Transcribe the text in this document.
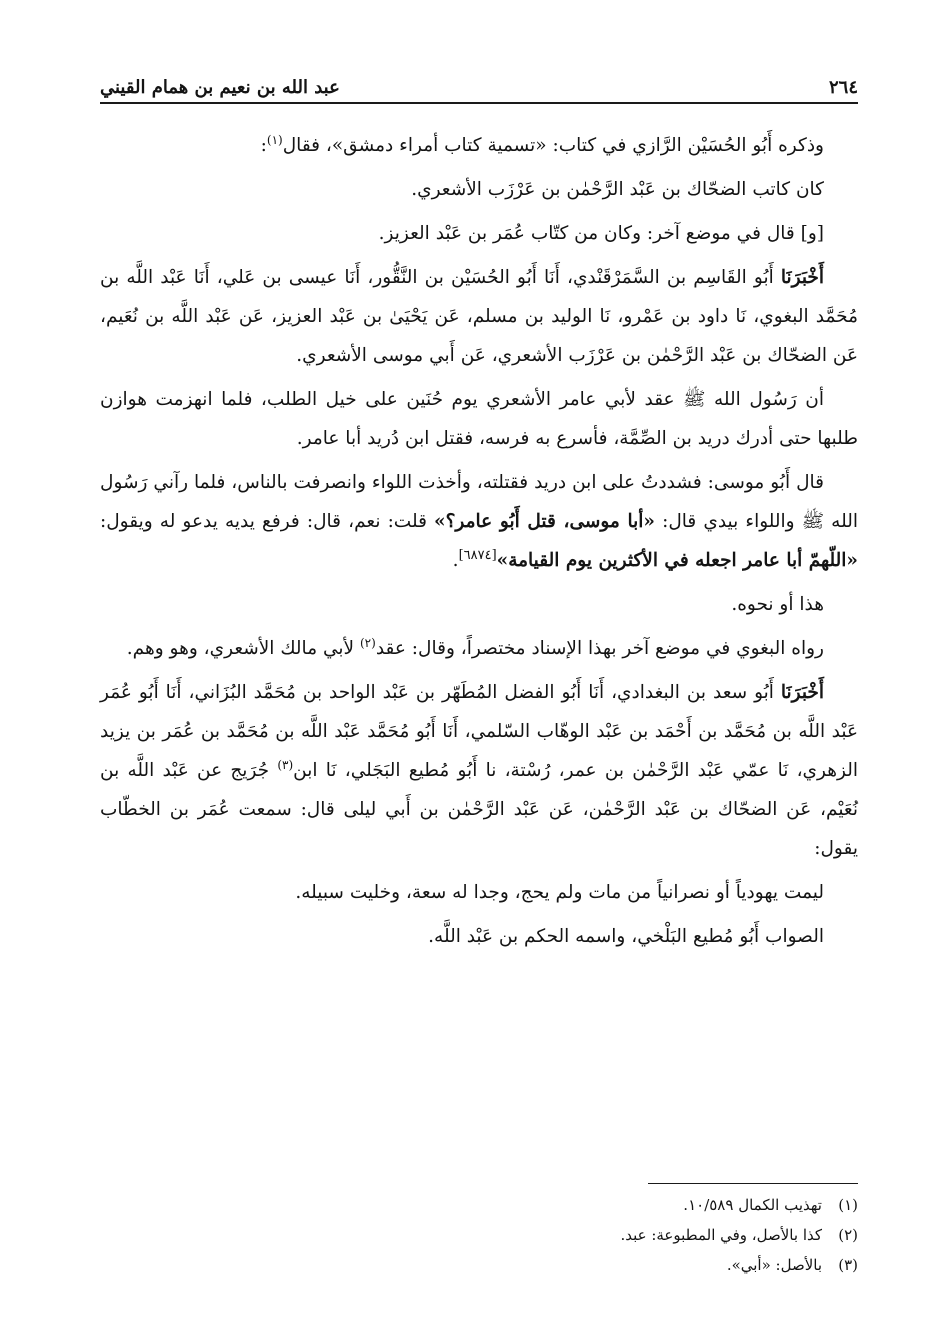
٢٦٤
عبد الله بن نعيم بن همام القيني

وذكره أَبُو الحُسَيْن الرَّازي في كتاب: «تسمية كتاب أمراء دمشق»، فقال$^{(١)}$:

كان كاتب الضحّاك بن عَبْد الرَّحْمٰن بن عَرْزَب الأشعري.

[و] قال في موضع آخر: وكان من كتّاب عُمَر بن عَبْد العزيز.

أَخْبَرَنَا أَبُو القَاسِم بن السَّمَرْقَنْدي، أَنَا أَبُو الحُسَيْن بن النَّقُّور، أَنَا عيسى بن عَلي، أَنَا عَبْد اللَّه بن مُحَمَّد البغوي، نَا داود بن عَمْرو، نَا الوليد بن مسلم، عَن يَحْيَىٰ بن عَبْد العزيز، عَن عَبْد اللَّه بن نُعَيم، عَن الضحّاك بن عَبْد الرَّحْمٰن بن عَرْزَب الأشعري، عَن أَبي موسى الأشعري.

أن رَسُول الله ﷺ عقد لأبي عامر الأشعري يوم حُنَين على خيل الطلب، فلما انهزمت هوازن طلبها حتى أدرك دريد بن الصِّمَّة، فأسرع به فرسه، فقتل ابن دُريد أبا عامر.

قال أَبُو موسى: فشددتُ على ابن دريد فقتلته، وأخذت اللواء وانصرفت بالناس، فلما رآني رَسُول الله ﷺ واللواء بيدي قال: «أبا موسى، قتل أَبُو عامر؟» قلت: نعم، قال: فرفع يديه يدعو له ويقول: «اللّهمّ أبا عامر اجعله في الأكثرين يوم القيامة»[٦٨٧٤].

هذا أو نحوه.

رواه البغوي في موضع آخر بهذا الإسناد مختصراً، وقال: عقد$^{(٢)}$ لأبي مالك الأشعري، وهو وهم.

أَخْبَرَنَا أَبُو سعد بن البغدادي، أَنَا أَبُو الفضل المُطَهّر بن عَبْد الواحد بن مُحَمَّد البُزَاني، أَنَا أَبُو عُمَر عَبْد اللَّه بن مُحَمَّد بن أَحْمَد بن عَبْد الوهّاب السّلمي، أَنَا أَبُو مُحَمَّد عَبْد اللَّه بن مُحَمَّد بن عُمَر بن يزيد الزهري، نَا عمّي عَبْد الرَّحْمٰن بن عمر، رُسْتة، نا أَبُو مُطيع البَجَلي، نَا ابن$^{(٣)}$ جُرَيج عن عَبْد اللَّه بن نُعَيْم، عَن الضحّاك بن عَبْد الرَّحْمٰن، عَن عَبْد الرَّحْمٰن بن أَبي ليلى قال: سمعت عُمَر بن الخطّاب يقول:

ليمت يهودياً أو نصرانياً من مات ولم يحج، وجدا له سعة، وخليت سبيله.

الصواب أَبُو مُطيع البَلْخي، واسمه الحكم بن عَبْد اللَّه.

(١)تهذيب الكمال ١٠/٥٨٩.
(٢)كذا بالأصل، وفي المطبوعة: عبد.
(٣)بالأصل: «أبي».
